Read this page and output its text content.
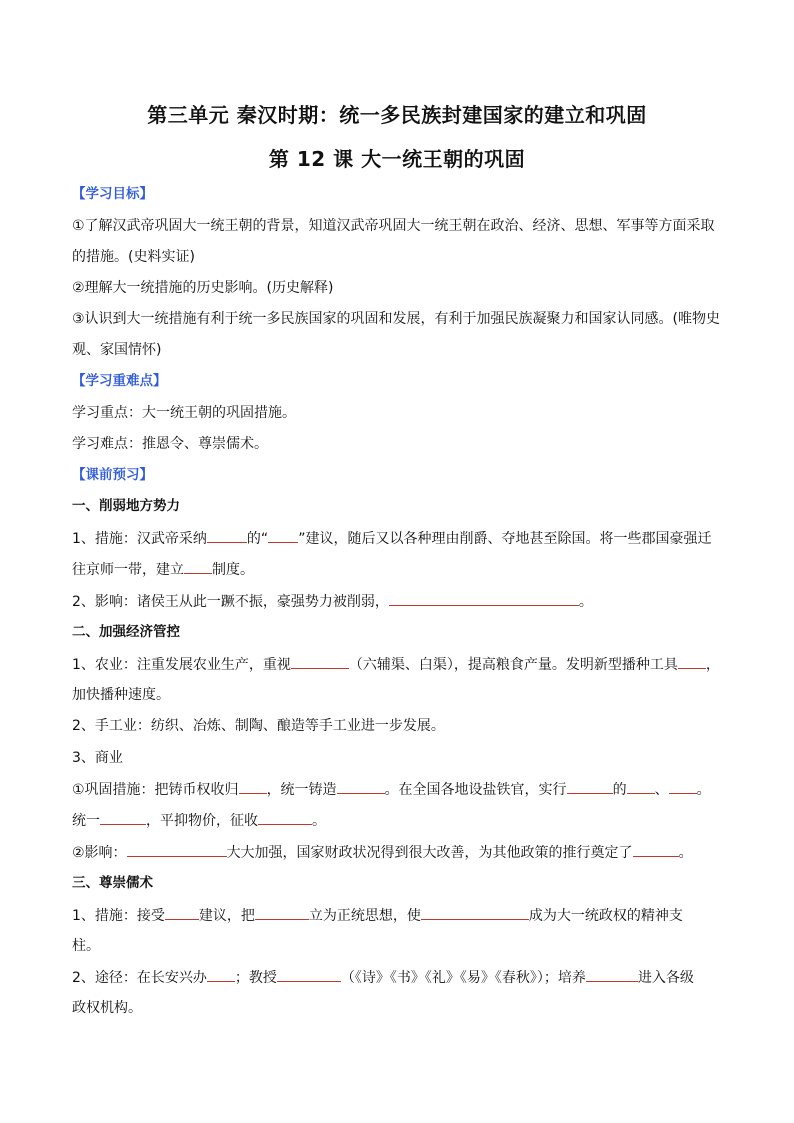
第三单元 秦汉时期：统一多民族封建国家的建立和巩固
第 12 课 大一统王朝的巩固
【学习目标】
①了解汉武帝巩固大一统王朝的背景，知道汉武帝巩固大一统王朝在政治、经济、思想、军事等方面采取
的措施。(史料实证)
②理解大一统措施的历史影响。(历史解释)
③认识到大一统措施有利于统一多民族国家的巩固和发展，有利于加强民族凝聚力和国家认同感。(唯物史
观、家国情怀)
【学习重难点】
学习重点：大一统王朝的巩固措施。
学习难点：推恩令、尊崇儒术。
【课前预习】
一、削弱地方势力
1、措施：汉武帝采纳	的“ ”建议，随后又以各种理由削爵、夺地甚至除国。将一些郡国豪强迁
往京师一带，建立 制度。
2、影响：诸侯王从此一蹶不振，豪强势力被削弱，	。
二、加强经济管控
1、农业：注重发展农业生产，重视	（六辅渠、白渠），提高粮食产量。发明新型播种工具 ，
加快播种速度。
2、手工业：纺织、冶炼、制陶、酿造等手工业进一步发展。
3、商业
①巩固措施：把铸币权收归 ，统一铸造	。在全国各地设盐铁官，实行	的 、 。
统一	，平抑物价，征收	。
②影响：	大大加强，国家财政状况得到很大改善，为其他政策的推行奠定了	。
三、尊崇儒术
1、措施：接受 建议，把	立为正统思想，使	成为大一统政权的精神支
柱。
2、途径：在长安兴办 ；教授	（《诗》《书》《礼》《易》《春秋》）；培养	进入各级
政权机构。
